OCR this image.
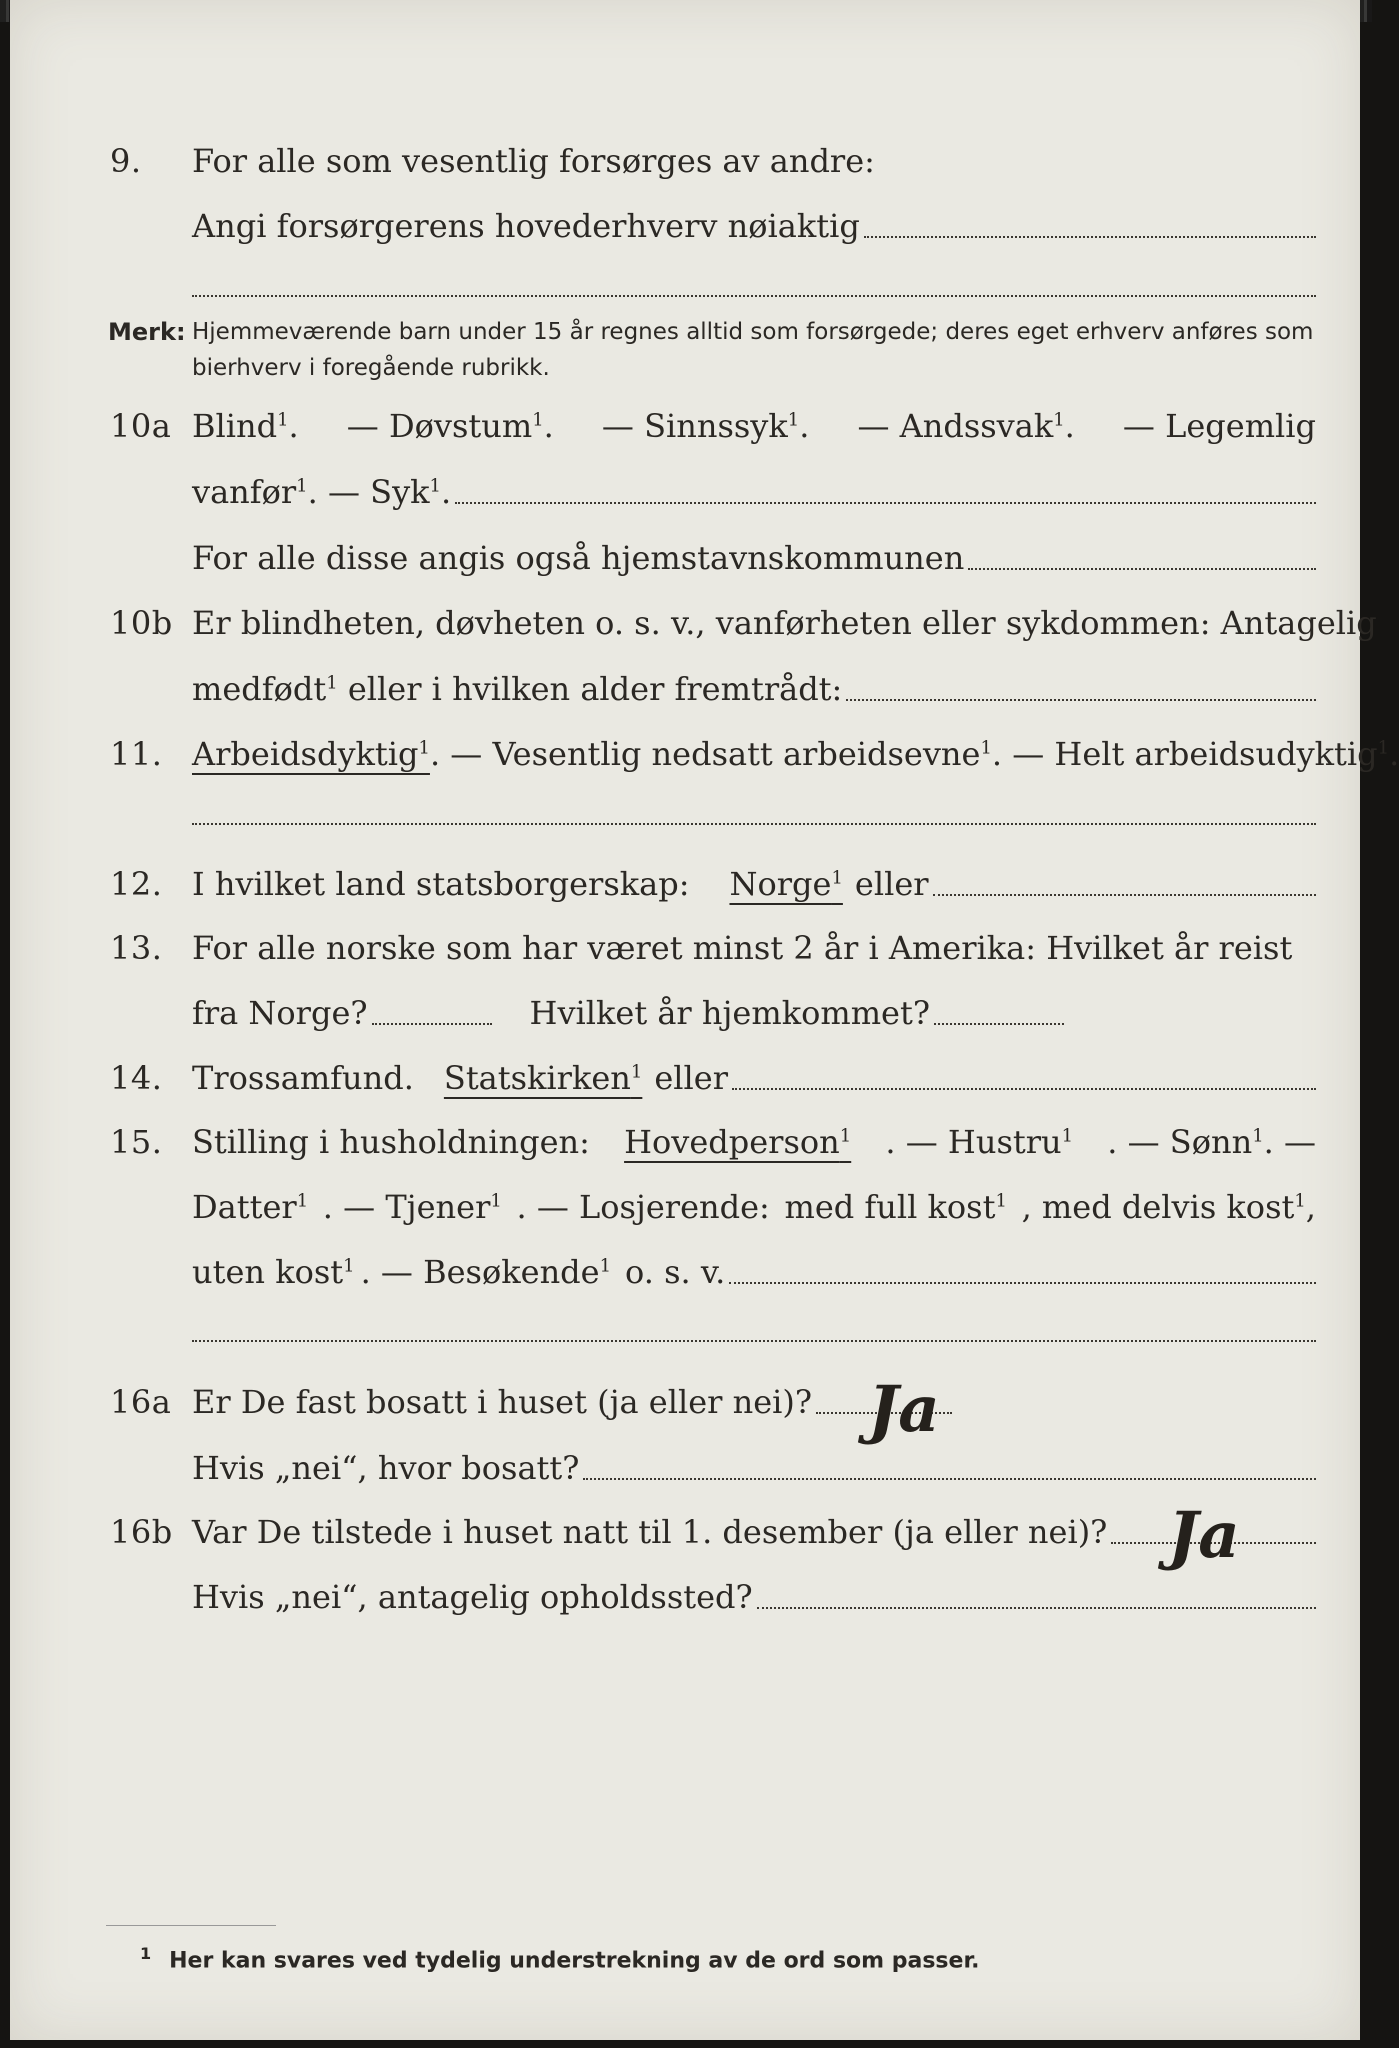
9. For alle som vesentlig forsørges av andre:
Angi forsørgerens hovederhverv nøiaktig
Merk: Hjemmeværende barn under 15 år regnes alltid som forsørgede; deres eget erhverv anføres som bierhverv i foregående rubrikk.
10a Blind$^1$. — Døvstum$^1$. — Sinnssyk$^1$. — Andssvak$^1$. — Legemlig
vanfør$^1$. — Syk$^1$.
For alle disse angis også hjemstavnskommunen
10b Er blindheten, døvheten o. s. v., vanførheten eller sykdommen: Antagelig
medfødt$^1$ eller i hvilken alder fremtrådt:
11. Arbeidsdyktig$^1$ . — Vesentlig nedsatt arbeidsevne$^1$ . — Helt arbeidsudyktig$^1$.
12. I hvilket land statsborgerskap: Norge$^1$ eller
13. For alle norske som har været minst 2 år i Amerika: Hvilket år reist
fra Norge?	Hvilket år hjemkommet?
14. Trossamfund. Statskirken$^1$ eller
15. Stilling i husholdningen: Hovedperson$^1$ . — Hustru$^1$ . — Sønn$^1$. —
Datter$^1$ . — Tjener$^1$ . — Losjerende: med full kost$^1$ , med delvis kost$^1$,
uten kost$^1$ . — Besøkende$^1$ o. s. v.
16a Er De fast bosatt i huset (ja eller nei)? Ja
Hvis „nei“, hvor bosatt?
16b Var De tilstede i huset natt til 1. desember (ja eller nei)? Ja
Hvis „nei“, antagelig opholdssted?
$^1$ Her kan svares ved tydelig understrekning av de ord som passer.
